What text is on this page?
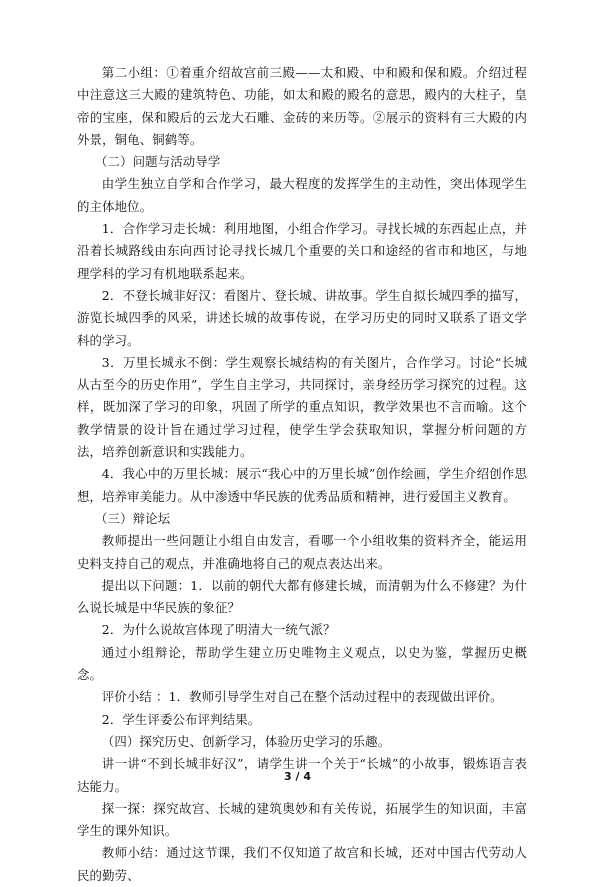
第二小组：①着重介绍故宫前三殿——太和殿、中和殿和保和殿。介绍过程中注意这三大殿的建筑特色、功能，如太和殿的殿名的意思，殿内的大柱子，皇帝的宝座，保和殿后的云龙大石雕、金砖的来历等。②展示的资料有三大殿的内外景，铜龟、铜鹤等。

（二）问题与活动导学

由学生独立自学和合作学习，最大程度的发挥学生的主动性，突出体现学生的主体地位。

1．合作学习走长城：利用地图，小组合作学习。寻找长城的东西起止点，并沿着长城路线由东向西讨论寻找长城几个重要的关口和途经的省市和地区，与地理学科的学习有机地联系起来。

2．不登长城非好汉：看图片、登长城、讲故事。学生自拟长城四季的描写，游览长城四季的风采，讲述长城的故事传说，在学习历史的同时又联系了语文学科的学习。

3．万里长城永不倒：学生观察长城结构的有关图片，合作学习。讨论“长城从古至今的历史作用”，学生自主学习，共同探讨，亲身经历学习探究的过程。这样，既加深了学习的印象，巩固了所学的重点知识，教学效果也不言而喻。这个教学情景的设计旨在通过学习过程，使学生学会获取知识，掌握分析问题的方法，培养创新意识和实践能力。

4．我心中的万里长城：展示“我心中的万里长城”创作绘画，学生介绍创作思想，培养审美能力。从中渗透中华民族的优秀品质和精神，进行爱国主义教育。

（三）辩论坛

教师提出一些问题让小组自由发言，看哪一个小组收集的资料齐全，能运用史料支持自己的观点，并准确地将自己的观点表达出来。

提出以下问题：1．以前的朝代大都有修建长城，而清朝为什么不修建？为什么说长城是中华民族的象征？

2．为什么说故宫体现了明清大一统气派？

通过小组辩论，帮助学生建立历史唯物主义观点，以史为鉴，掌握历史概念。

评价小结 ：1．教师引导学生对自己在整个活动过程中的表现做出评价。

2．学生评委公布评判结果。

（四）探究历史、创新学习，体验历史学习的乐趣。

讲一讲“不到长城非好汉”，请学生讲一个关于“长城”的小故事，锻炼语言表达能力。

探一探：探究故宫、长城的建筑奥妙和有关传说，拓展学生的知识面，丰富学生的课外知识。

教师小结：通过这节课，我们不仅知道了故宫和长城，还对中国古代劳动人民的勤劳、

3 / 4
